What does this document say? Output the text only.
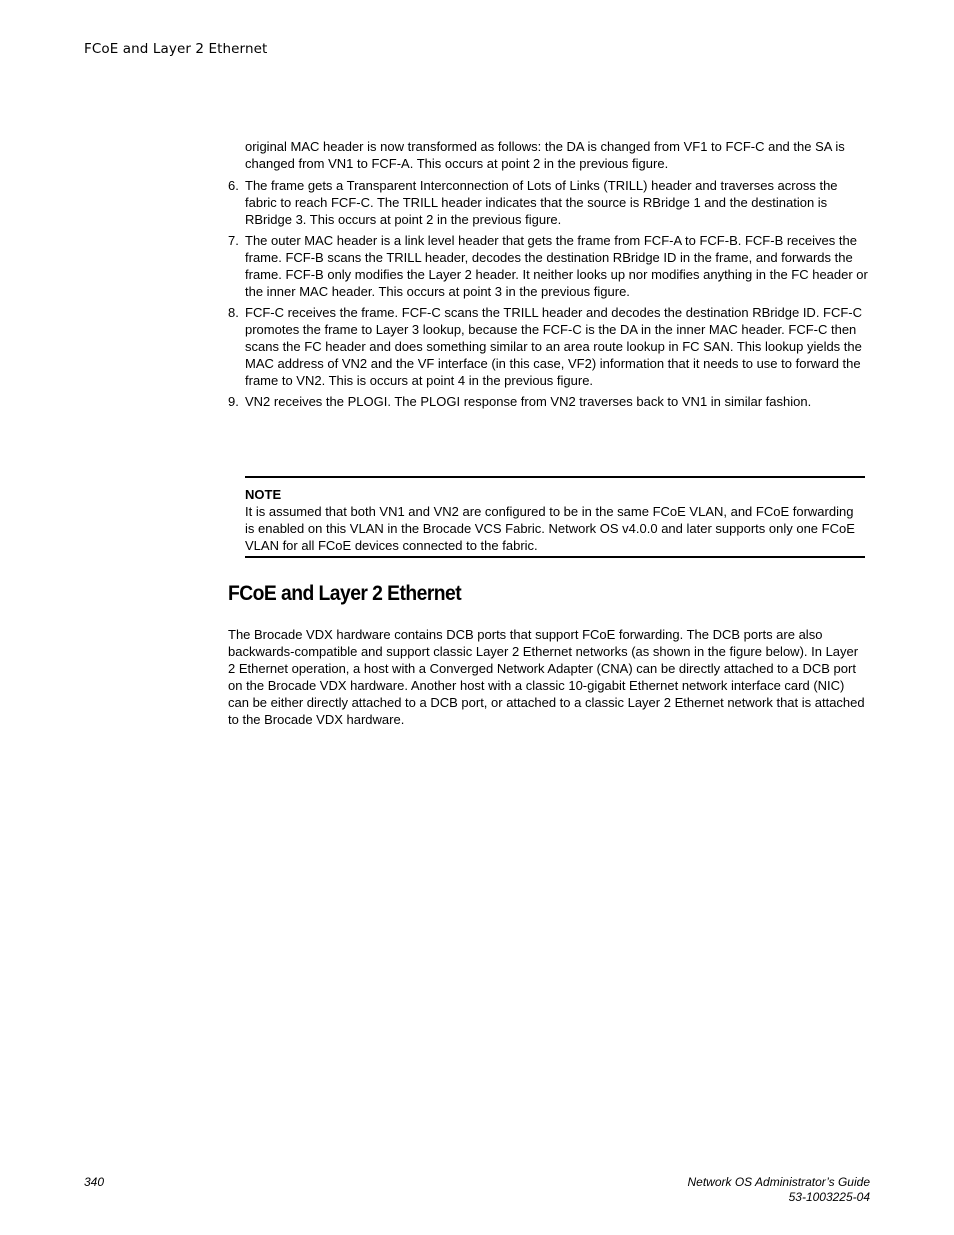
FCoE and Layer 2 Ethernet

original MAC header is now transformed as follows: the DA is changed from VF1 to FCF-C and the SA is changed from VN1 to FCF-A. This occurs at point 2 in the previous figure.

6. The frame gets a Transparent Interconnection of Lots of Links (TRILL) header and traverses across the fabric to reach FCF-C. The TRILL header indicates that the source is RBridge 1 and the destination is RBridge 3. This occurs at point 2 in the previous figure.
7. The outer MAC header is a link level header that gets the frame from FCF-A to FCF-B. FCF-B receives the frame. FCF-B scans the TRILL header, decodes the destination RBridge ID in the frame, and forwards the frame. FCF-B only modifies the Layer 2 header. It neither looks up nor modifies anything in the FC header or the inner MAC header. This occurs at point 3 in the previous figure.
8. FCF-C receives the frame. FCF-C scans the TRILL header and decodes the destination RBridge ID. FCF-C promotes the frame to Layer 3 lookup, because the FCF-C is the DA in the inner MAC header. FCF-C then scans the FC header and does something similar to an area route lookup in FC SAN. This lookup yields the MAC address of VN2 and the VF interface (in this case, VF2) information that it needs to use to forward the frame to VN2. This is occurs at point 4 in the previous figure.
9. VN2 receives the PLOGI. The PLOGI response from VN2 traverses back to VN1 in similar fashion.
NOTE

It is assumed that both VN1 and VN2 are configured to be in the same FCoE VLAN, and FCoE forwarding is enabled on this VLAN in the Brocade VCS Fabric. Network OS v4.0.0 and later supports only one FCoE VLAN for all FCoE devices connected to the fabric.

FCoE and Layer 2 Ethernet

The Brocade VDX hardware contains DCB ports that support FCoE forwarding. The DCB ports are also backwards-compatible and support classic Layer 2 Ethernet networks (as shown in the figure below). In Layer 2 Ethernet operation, a host with a Converged Network Adapter (CNA) can be directly attached to a DCB port on the Brocade VDX hardware. Another host with a classic 10-gigabit Ethernet network interface card (NIC) can be either directly attached to a DCB port, or attached to a classic Layer 2 Ethernet network that is attached to the Brocade VDX hardware.

340	Network OS Administrator’s Guide
53-1003225-04
